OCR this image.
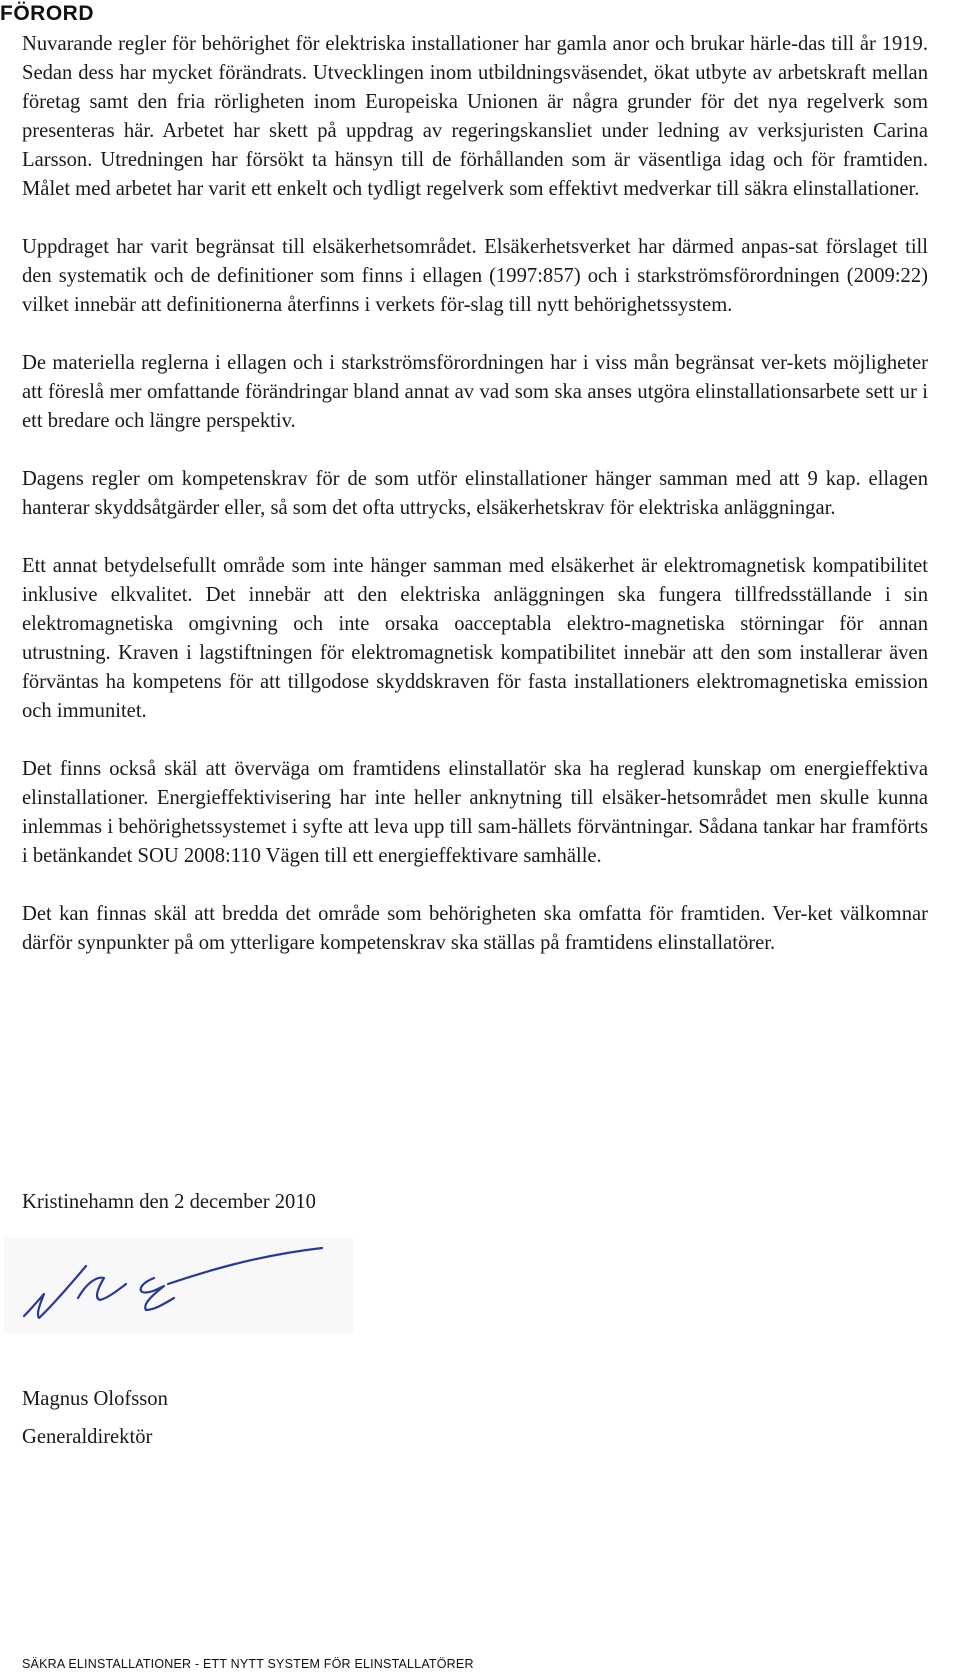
FÖRORD

Nuvarande regler för behörighet för elektriska installationer har gamla anor och brukar härle-das till år 1919. Sedan dess har mycket förändrats. Utvecklingen inom utbildningsväsendet, ökat utbyte av arbetskraft mellan företag samt den fria rörligheten inom Europeiska Unionen är några grunder för det nya regelverk som presenteras här. Arbetet har skett på uppdrag av regeringskansliet under ledning av verksjuristen Carina Larsson. Utredningen har försökt ta hänsyn till de förhållanden som är väsentliga idag och för framtiden. Målet med arbetet har varit ett enkelt och tydligt regelverk som effektivt medverkar till säkra elinstallationer.

Uppdraget har varit begränsat till elsäkerhetsområdet. Elsäkerhetsverket har därmed anpas-sat förslaget till den systematik och de definitioner som finns i ellagen (1997:857) och i starkströmsförordningen (2009:22) vilket innebär att definitionerna återfinns i verkets för-slag till nytt behörighetssystem.

De materiella reglerna i ellagen och i starkströmsförordningen har i viss mån begränsat ver-kets möjligheter att föreslå mer omfattande förändringar bland annat av vad som ska anses utgöra elinstallationsarbete sett ur i ett bredare och längre perspektiv.

Dagens regler om kompetenskrav för de som utför elinstallationer hänger samman med att 9 kap. ellagen hanterar skyddsåtgärder eller, så som det ofta uttrycks, elsäkerhetskrav för elektriska anläggningar.

Ett annat betydelsefullt område som inte hänger samman med elsäkerhet är elektromagnetisk kompatibilitet inklusive elkvalitet. Det innebär att den elektriska anläggningen ska fungera tillfredsställande i sin elektromagnetiska omgivning och inte orsaka oacceptabla elektro-magnetiska störningar för annan utrustning. Kraven i lagstiftningen för elektromagnetisk kompatibilitet innebär att den som installerar även förväntas ha kompetens för att tillgodose skyddskraven för fasta installationers elektromagnetiska emission och immunitet.

Det finns också skäl att överväga om framtidens elinstallatör ska ha reglerad kunskap om energieffektiva elinstallationer. Energieffektivisering har inte heller anknytning till elsäker-hetsområdet men skulle kunna inlemmas i behörighetssystemet i syfte att leva upp till sam-hällets förväntningar. Sådana tankar har framförts i betänkandet SOU 2008:110 Vägen till ett energieffektivare samhälle.

Det kan finnas skäl att bredda det område som behörigheten ska omfatta för framtiden. Ver-ket välkomnar därför synpunkter på om ytterligare kompetenskrav ska ställas på framtidens elinstallatörer.

Kristinehamn den 2 december 2010

Magnus Olofsson

Generaldirektör

SÄKRA ELINSTALLATIONER - ETT NYTT SYSTEM FÖR ELINSTALLATÖRER
